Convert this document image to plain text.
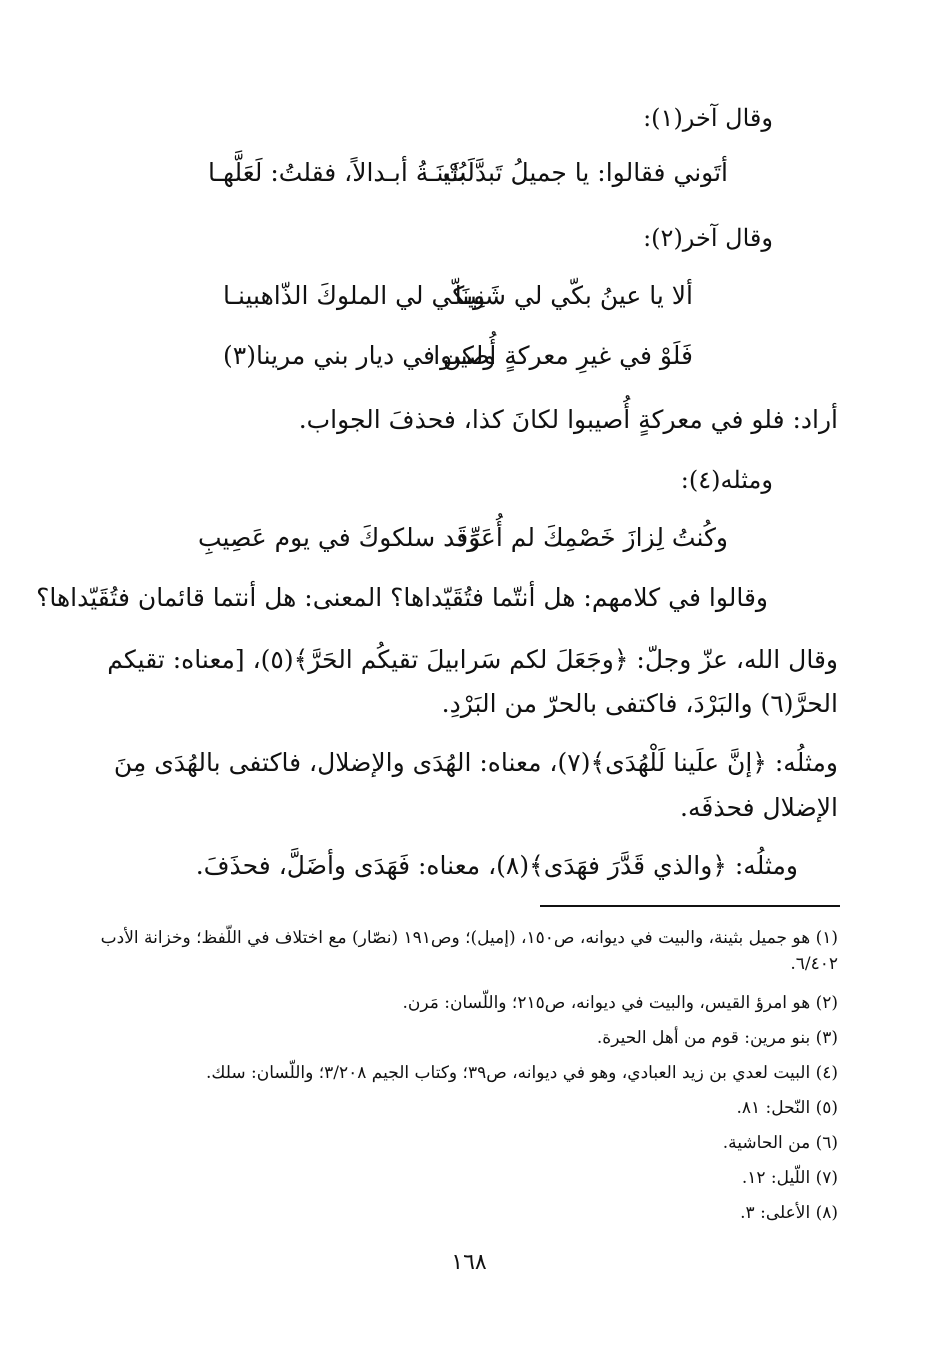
وقال آخر(١):
أتَوني فقالوا: يا جميلُ تَبدَّلَتْ
بُثَينَـةُ أبـدالاً، فقلتُ: لَعَلَّهـا
وقال آخر(٢):
ألا يا عينُ بكّي لي شَنِينَا
وبكّي لي الملوكَ الذّاهبينـا
فَلَوْ في غيرِ معركةٍ أُصيبوا
ولكن في ديار بني مرينا(٣)
أراد: فلو في معركةٍ أُصيبوا لكانَ كذا، فحذفَ الجواب.
ومثله(٤):
وكُنتُ لِزازَ خَصْمِكَ لم أُعَرِّد
وَقَد سلكوكَ في يوم عَصِيبِ
وقالوا في كلامهم: هل أنتّما فتُقَيّداها؟ المعنى: هل أنتما قائمان فتُقَيّداها؟
وقال الله، عزّ وجلّ: ﴿وجَعَلَ لكم سَرابيلَ تقيكُم الحَرَّ﴾(٥)، [معناه: تقيكم
الحرَّ(٦) والبَرْدَ، فاكتفى بالحرّ من البَرْدِ.
ومثلُه: ﴿إنَّ علَينا لَلْهُدَى﴾(٧)، معناه: الهُدَى والإضلال، فاكتفى بالهُدَى مِنَ
الإضلال فحذفَه.
ومثلُه: ﴿والذي قَدَّرَ فهَدَى﴾(٨)، معناه: فَهَدَى وأضَلَّ، فحذَفَ.
(١) هو جميل بثينة، والبيت في ديوانه، ص١٥٠، (إميل)؛ وص١٩١ (نصّار) مع اختلاف في اللّفظ؛ وخزانة الأدب ٦/٤٠٢.
(٢) هو امرؤ القيس، والبيت في ديوانه، ص٢١٥؛ واللّسان: مَرن.
(٣) بنو مرين: قوم من أهل الحيرة.
(٤) البيت لعدي بن زيد العبادي، وهو في ديوانه، ص٣٩؛ وكتاب الجيم ٣/٢٠٨؛ واللّسان: سلك.
(٥) النّحل: ٨١.
(٦) من الحاشية.
(٧) اللّيل: ١٢.
(٨) الأعلى: ٣.
١٦٨
